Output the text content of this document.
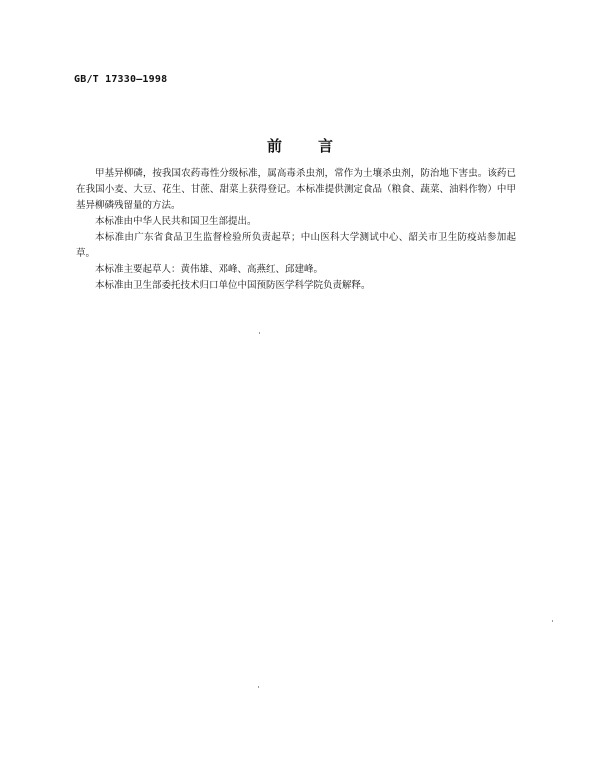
GB/T 17330—1998
前言

甲基异柳磷，按我国农药毒性分级标准，属高毒杀虫剂，常作为土壤杀虫剂，防治地下害虫。该药已在我国小麦、大豆、花生、甘蔗、甜菜上获得登记。本标准提供测定食品（粮食、蔬菜、油料作物）中甲基异柳磷残留量的方法。

本标准由中华人民共和国卫生部提出。

本标准由广东省食品卫生监督检验所负责起草；中山医科大学测试中心、韶关市卫生防疫站参加起草。

本标准主要起草人：黄伟雄、邓峰、高燕红、邱建峰。

本标准由卫生部委托技术归口单位中国预防医学科学院负责解释。
